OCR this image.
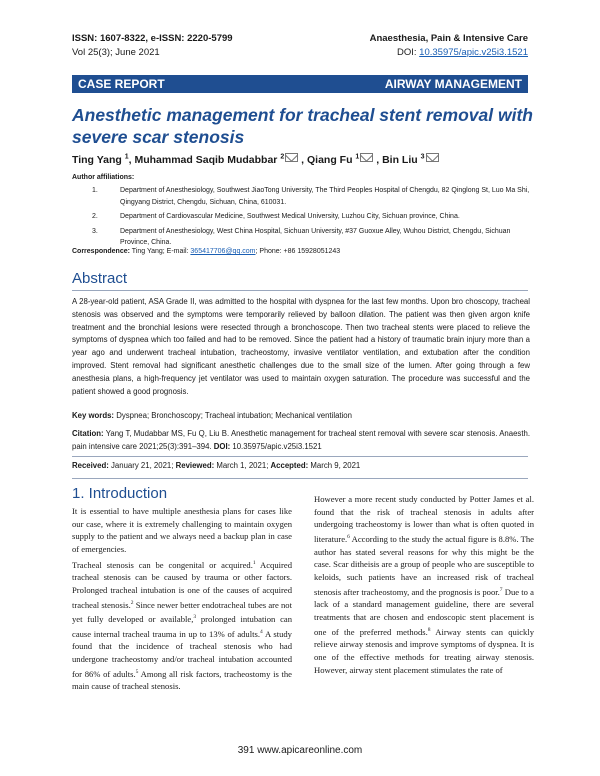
ISSN: 1607-8322, e-ISSN: 2220-5799
Vol 25(3); June 2021
Anaesthesia, Pain & Intensive Care
DOI: 10.35975/apic.v25i3.1521
CASE REPORT	AIRWAY MANAGEMENT
Anesthetic management for tracheal stent removal with severe scar stenosis
Ting Yang $^1$, Muhammad Saqib Mudabbar $^2$ , Qiang Fu $^1$ , Bin Liu $^3$
Author affiliations:
1.	Department of Anesthesiology, Southwest JiaoTong University, The Third Peoples Hospital of Chengdu, 82 Qinglong St, Luo Ma Shi, Qingyang District, Chengdu, Sichuan, China, 610031.
2.	Department of Cardiovascular Medicine, Southwest Medical University, Luzhou City, Sichuan province, China.
3.	Department of Anesthesiology, West China Hospital, Sichuan University, #37 Guoxue Alley, Wuhou District, Chengdu, Sichuan Province, China.
Correspondence: Ting Yang; E-mail: 365417706@qq.com; Phone: +86 15928051243
Abstract
A 28-year-old patient, ASA Grade II, was admitted to the hospital with dyspnea for the last few months. Upon bro choscopy, tracheal stenosis was observed and the symptoms were temporarily relieved by balloon dilation. The patient was then given argon knife treatment and the bronchial lesions were resected through a bronchoscope. Then two tracheal stents were placed to relieve the symptoms of dyspnea which too failed and had to be removed. Since the patient had a history of traumatic brain injury more than a year ago and underwent tracheal intubation, tracheostomy, invasive ventilator ventilation, and extubation after the condition improved. Stent removal had significant anesthetic challenges due to the small size of the lumen. After going through a few anesthesia plans, a high-frequency jet ventilator was used to maintain oxygen saturation. The procedure was successful and the patient showed a good prognosis.
Key words: Dyspnea; Bronchoscopy; Tracheal intubation; Mechanical ventilation
Citation: Yang T, Mudabbar MS, Fu Q, Liu B. Anesthetic management for tracheal stent removal with severe scar stenosis. Anaesth. pain intensive care 2021;25(3):391–394. DOI: 10.35975/apic.v25i3.1521
Received: January 21, 2021; Reviewed: March 1, 2021; Accepted: March 9, 2021
1. Introduction

It is essential to have multiple anesthesia plans for cases like our case, where it is extremely challenging to maintain oxygen supply to the patient and we always need a backup plan in case of emergencies.

Tracheal stenosis can be congenital or acquired.$^1$ Acquired tracheal stenosis can be caused by trauma or other factors. Prolonged tracheal intubation is one of the causes of acquired tracheal stenosis.$^2$ Since newer better endotracheal tubes are not yet fully developed or available,$^3$ prolonged intubation can cause internal tracheal trauma in up to 13% of adults.$^4$ A study found that the incidence of tracheal stenosis who had undergone tracheostomy and/or tracheal intubation accounted for 86% of adults.$^5$ Among all risk factors, tracheostomy is the main cause of tracheal stenosis.

However a more recent study conducted by Potter James et al. found that the risk of tracheal stenosis in adults after undergoing tracheostomy is lower than what is often quoted in literature.$^6$ According to the study the actual figure is 8.8%. The author has stated several reasons for why this might be the case. Scar ditheisis are a group of people who are susceptible to keloids, such patients have an increased risk of tracheal stenosis after tracheostomy, and the prognosis is poor.$^7$ Due to a lack of a standard management guideline, there are several treatments that are chosen and endoscopic stent placement is one of the preferred methods.$^8$ Airway stents can quickly relieve airway stenosis and improve symptoms of dyspnea. It is one of the effective methods for treating airway stenosis. However, airway stent placement stimulates the rate of

391 www.apicareonline.com
